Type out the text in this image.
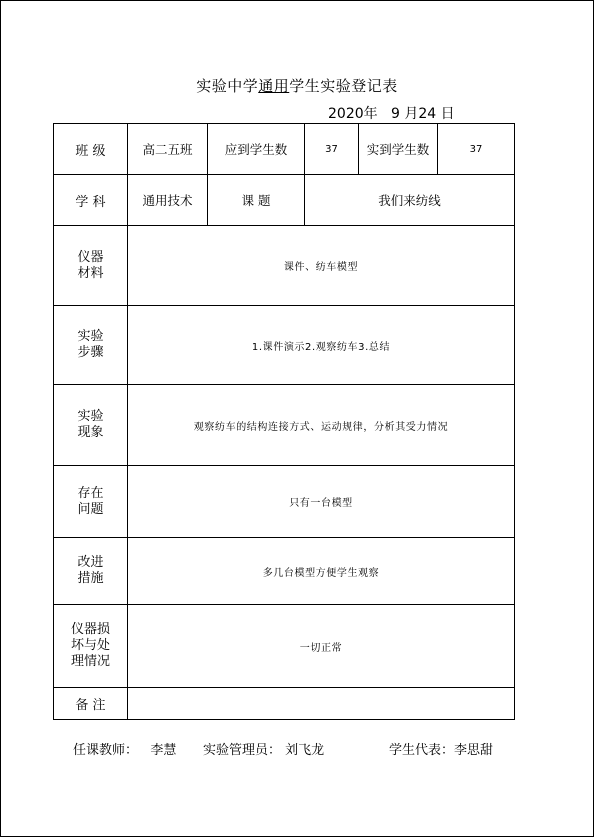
实验中学通用学生实验登记表
2020年 9 月24 日
班 级	高二五班	应到学生数	37	实到学生数	37
学 科	通用技术	课 题	我们来纺线		

仪器
材料	课件、纺车模型				

实验
步骤	1.课件演示2.观察纺车3.总结				

实验
现象	观察纺车的结构连接方式、运动规律，分析其受力情况				

存在
问题	只有一台模型				

改进
措施	多几台模型方便学生观察				

仪器损
坏与处
理情况	一切正常				
备 注					
任课教师： 李慧 实验管理员： 刘飞龙	学生代表：李思甜
